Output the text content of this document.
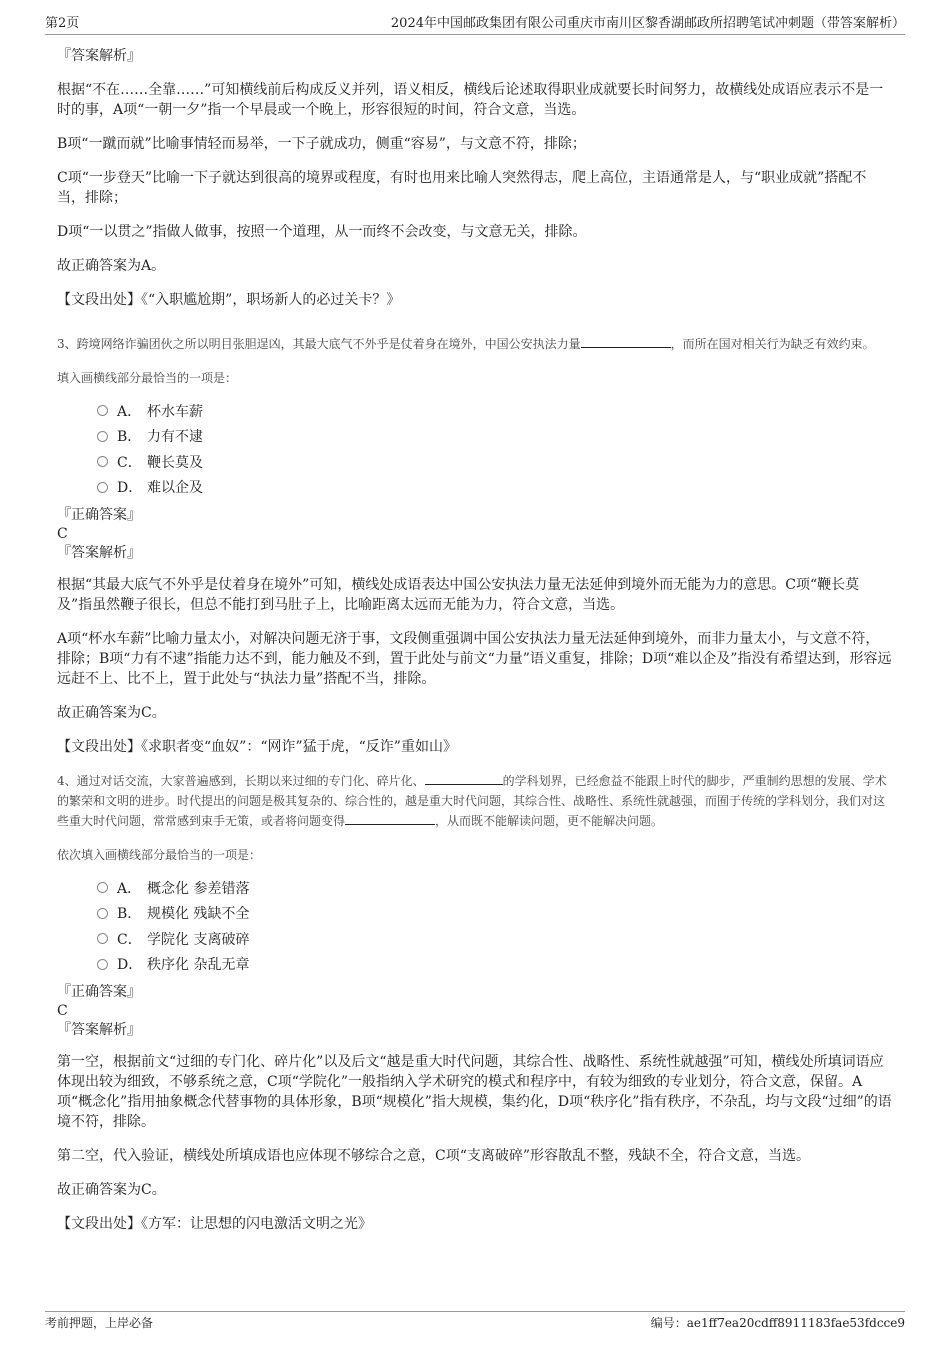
第2页	2024年中国邮政集团有限公司重庆市南川区黎香湖邮政所招聘笔试冲刺题（带答案解析）

『答案解析』

根据“不在……全靠……”可知横线前后构成反义并列，语义相反，横线后论述取得职业成就要长时间努力，故横线处成语应表示不是一时的事，A项“一朝一夕”指一个早晨或一个晚上，形容很短的时间，符合文意，当选。

B项“一蹴而就”比喻事情轻而易举，一下子就成功，侧重“容易”，与文意不符，排除；

C项“一步登天”比喻一下子就达到很高的境界或程度，有时也用来比喻人突然得志，爬上高位，主语通常是人，与“职业成就”搭配不当，排除；

D项“一以贯之”指做人做事，按照一个道理，从一而终不会改变，与文意无关，排除。

故正确答案为A。

【文段出处】《“入职尴尬期”，职场新人的必过关卡？》

3、跨境网络诈骗团伙之所以明目张胆逞凶，其最大底气不外乎是仗着身在境外，中国公安执法力量	，而所在国对相关行为缺乏有效约束。

填入画横线部分最恰当的一项是：

A． 杯水车薪
B． 力有不逮
C． 鞭长莫及
D． 难以企及

『正确答案』

C

『答案解析』

根据“其最大底气不外乎是仗着身在境外”可知，横线处成语表达中国公安执法力量无法延伸到境外而无能为力的意思。C项“鞭长莫及”指虽然鞭子很长，但总不能打到马肚子上，比喻距离太远而无能为力，符合文意，当选。

A项“杯水车薪”比喻力量太小，对解决问题无济于事，文段侧重强调中国公安执法力量无法延伸到境外，而非力量太小，与文意不符，排除；B项“力有不逮”指能力达不到，能力触及不到，置于此处与前文“力量”语义重复，排除；D项“难以企及”指没有希望达到，形容远远赶不上、比不上，置于此处与“执法力量”搭配不当，排除。

故正确答案为C。

【文段出处】《求职者变“血奴”：“网诈”猛于虎，“反诈”重如山》

4、通过对话交流，大家普遍感到，长期以来过细的专门化、碎片化、	的学科划界，已经愈益不能跟上时代的脚步，严重制约思想的发展、学术的繁荣和文明的进步。时代提出的问题是极其复杂的、综合性的，越是重大时代问题，其综合性、战略性、系统性就越强，而囿于传统的学科划分，我们对这些重大时代问题，常常感到束手无策，或者将问题变得	，从而既不能解读问题，更不能解决问题。

依次填入画横线部分最恰当的一项是：

A． 概念化 参差错落
B． 规模化 残缺不全
C． 学院化 支离破碎
D． 秩序化 杂乱无章

『正确答案』

C

『答案解析』

第一空，根据前文“过细的专门化、碎片化”以及后文“越是重大时代问题，其综合性、战略性、系统性就越强”可知，横线处所填词语应体现出较为细致，不够系统之意，C项“学院化”一般指纳入学术研究的模式和程序中，有较为细致的专业划分，符合文意，保留。A项“概念化”指用抽象概念代替事物的具体形象，B项“规模化”指大规模，集约化，D项“秩序化”指有秩序，不杂乱，均与文段“过细”的语境不符，排除。

第二空，代入验证，横线处所填成语也应体现不够综合之意，C项“支离破碎”形容散乱不整，残缺不全，符合文意，当选。

故正确答案为C。

【文段出处】《方军：让思想的闪电激活文明之光》

考前押题，上岸必备	编号：ae1ff7ea20cdff8911183fae53fdcce9
